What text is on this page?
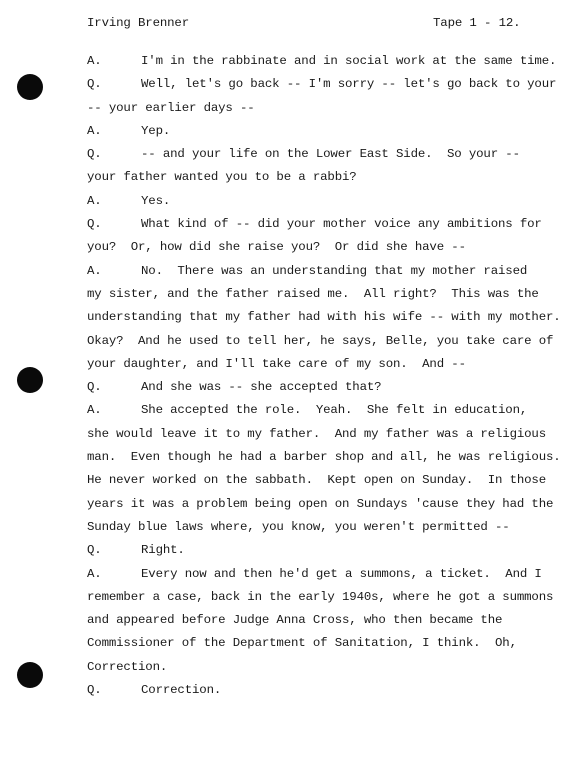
Irving Brenner	Tape 1 - 12.
A.	I'm in the rabbinate and in social work at the same time.
Q.	Well, let's go back -- I'm sorry -- let's go back to your
-- your earlier days --
A.	Yep.
Q.	-- and your life on the Lower East Side.  So your --
your father wanted you to be a rabbi?
A.	Yes.
Q.	What kind of -- did your mother voice any ambitions for
you?  Or, how did she raise you?  Or did she have --
A.	No.  There was an understanding that my mother raised
my sister, and the father raised me.  All right?  This was the
understanding that my father had with his wife -- with my mother.
Okay?  And he used to tell her, he says, Belle, you take care of
your daughter, and I'll take care of my son.  And --
Q.	And she was -- she accepted that?
A.	She accepted the role.  Yeah.  She felt in education,
she would leave it to my father.  And my father was a religious
man.  Even though he had a barber shop and all, he was religious.
He never worked on the sabbath.  Kept open on Sunday.  In those
years it was a problem being open on Sundays 'cause they had the
Sunday blue laws where, you know, you weren't permitted --
Q.	Right.
A.	Every now and then he'd get a summons, a ticket.  And I
remember a case, back in the early 1940s, where he got a summons
and appeared before Judge Anna Cross, who then became the
Commissioner of the Department of Sanitation, I think.  Oh,
Correction.
Q.	Correction.
